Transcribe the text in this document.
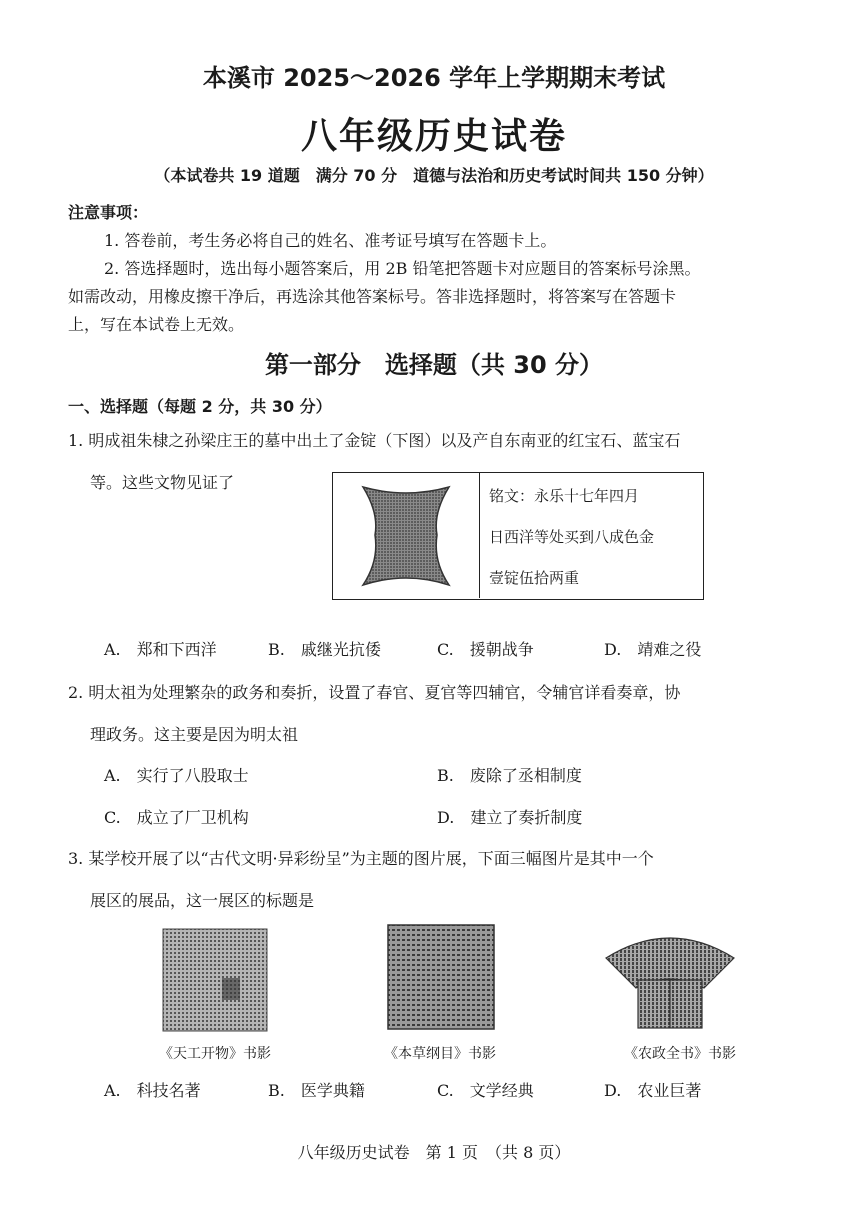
本溪市 2025～2026 学年上学期期末考试
八年级历史试卷
（本试卷共 19 道题　满分 70 分　道德与法治和历史考试时间共 150 分钟）
注意事项：
1. 答卷前，考生务必将自己的姓名、准考证号填写在答题卡上。
2. 答选择题时，选出每小题答案后，用 2B 铅笔把答题卡对应题目的答案标号涂黑。
如需改动，用橡皮擦干净后，再选涂其他答案标号。答非选择题时，将答案写在答题卡
上，写在本试卷上无效。
第一部分　选择题（共 30 分）
一、选择题（每题 2 分，共 30 分）
1. 明成祖朱棣之孙梁庄王的墓中出土了金锭（下图）以及产自东南亚的红宝石、蓝宝石
等。这些文物见证了
铭文：永乐十七年四月
日西洋等处买到八成色金
壹锭伍拾两重
A.　郑和下西洋	B.　戚继光抗倭	C.　援朝战争	D.　靖难之役
2. 明太祖为处理繁杂的政务和奏折，设置了春官、夏官等四辅官，令辅官详看奏章，协
理政务。这主要是因为明太祖
A.　实行了八股取士	B.　废除了丞相制度
C.　成立了厂卫机构	D.　建立了奏折制度
3. 某学校开展了以“古代文明·异彩纷呈”为主题的图片展，下面三幅图片是其中一个
展区的展品，这一展区的标题是
《天工开物》书影	《本草纲目》书影	《农政全书》书影
A.　科技名著	B.　医学典籍	C.　文学经典	D.　农业巨著
八年级历史试卷　第 1 页　（共 8 页）
